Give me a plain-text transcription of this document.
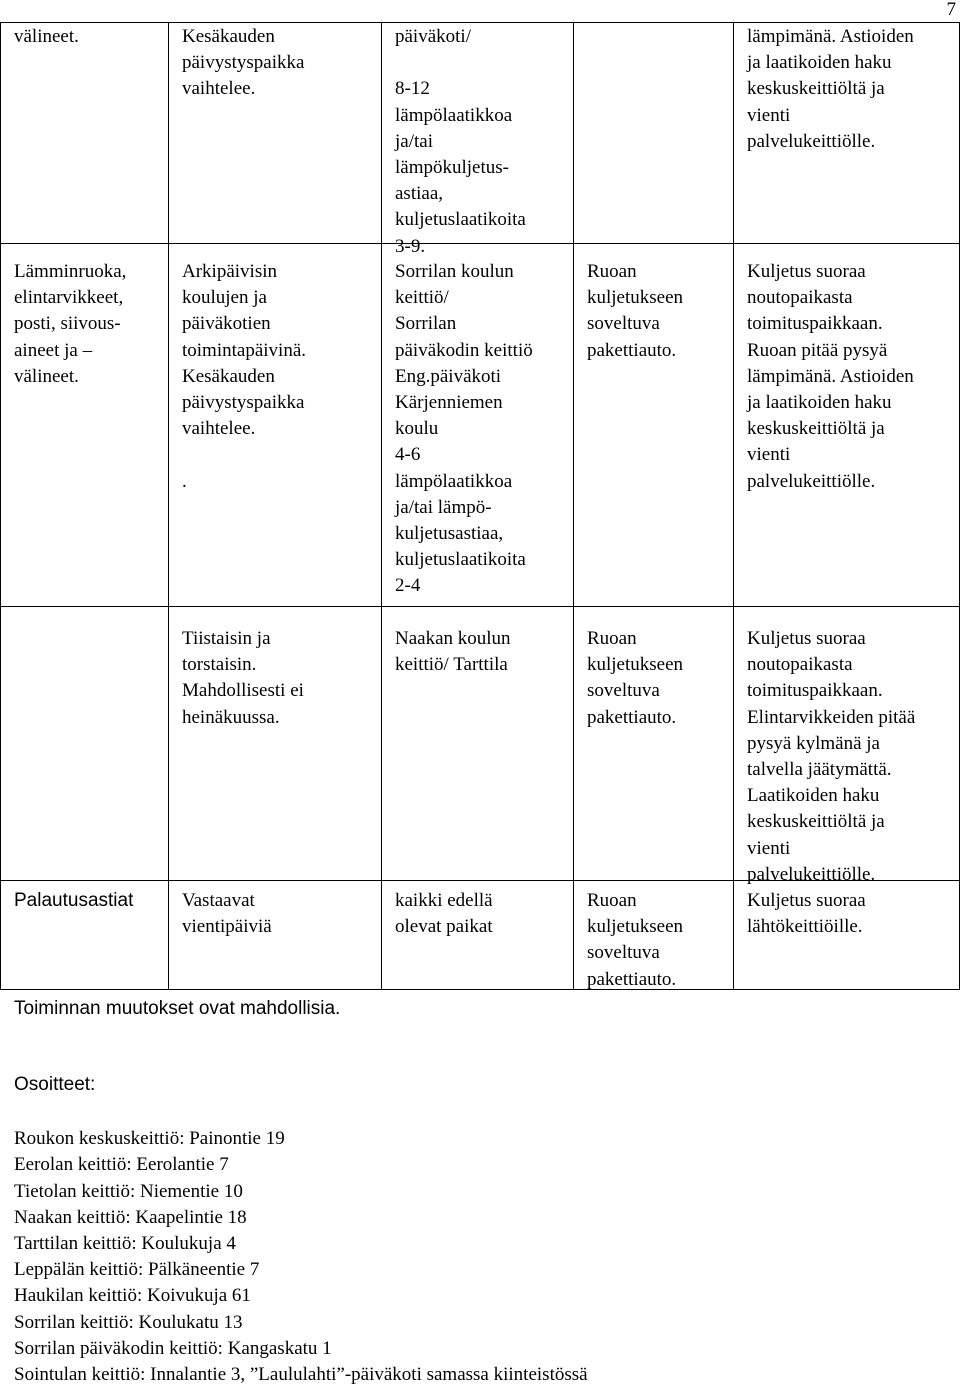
7
välineet.	Kesäkauden
päivystyspaikka
vaihtelee.
päiväkoti/

8-12
lämpölaatikkoa
ja/tai
lämpökuljetus-
astiaa,
kuljetuslaatikoita
3-9.
lämpimänä. Astioiden
ja laatikoiden haku
keskuskeittiöltä ja
vienti
palvelukeittiölle.
Lämminruoka,
elintarvikkeet,
posti, siivous-
aineet ja –
välineet.
Arkipäivisin
koulujen ja
päiväkotien
toimintapäivinä.
Kesäkauden
päivystyspaikka
vaihtelee.

.
Sorrilan koulun
keittiö/
Sorrilan
päiväkodin keittiö
Eng.päiväkoti
Kärjenniemen
koulu
4-6
lämpölaatikkoa
ja/tai lämpö-
kuljetusastiaa,
kuljetuslaatikoita
2-4
Ruoan
kuljetukseen
soveltuva
pakettiauto.
Kuljetus suoraa
noutopaikasta
toimituspaikkaan.
Ruoan pitää pysyä
lämpimänä. Astioiden
ja laatikoiden haku
keskuskeittiöltä ja
vienti
palvelukeittiölle.
Tiistaisin ja
torstaisin.
Mahdollisesti ei
heinäkuussa.
Naakan koulun
keittiö/ Tarttila
Ruoan
kuljetukseen
soveltuva
pakettiauto.
Kuljetus suoraa
noutopaikasta
toimituspaikkaan.
Elintarvikkeiden pitää
pysyä kylmänä ja
talvella jäätymättä.
Laatikoiden haku
keskuskeittiöltä ja
vienti
palvelukeittiölle.
Palautusastiat	Vastaavat
vientipäiviä
kaikki edellä
olevat paikat
Ruoan
kuljetukseen
soveltuva
pakettiauto.
Kuljetus suoraa
lähtökeittiöille.
Toiminnan muutokset ovat mahdollisia.
Osoitteet:
Roukon keskuskeittiö: Painontie 19
Eerolan keittiö: Eerolantie 7
Tietolan keittiö: Niementie 10
Naakan keittiö: Kaapelintie 18
Tarttilan keittiö: Koulukuja 4
Leppälän keittiö: Pälkäneentie 7
Haukilan keittiö: Koivukuja 61
Sorrilan keittiö: Koulukatu 13
Sorrilan päiväkodin keittiö: Kangaskatu 1
Sointulan keittiö: Innalantie 3, ”Laululahti”-päiväkoti samassa kiinteistössä
